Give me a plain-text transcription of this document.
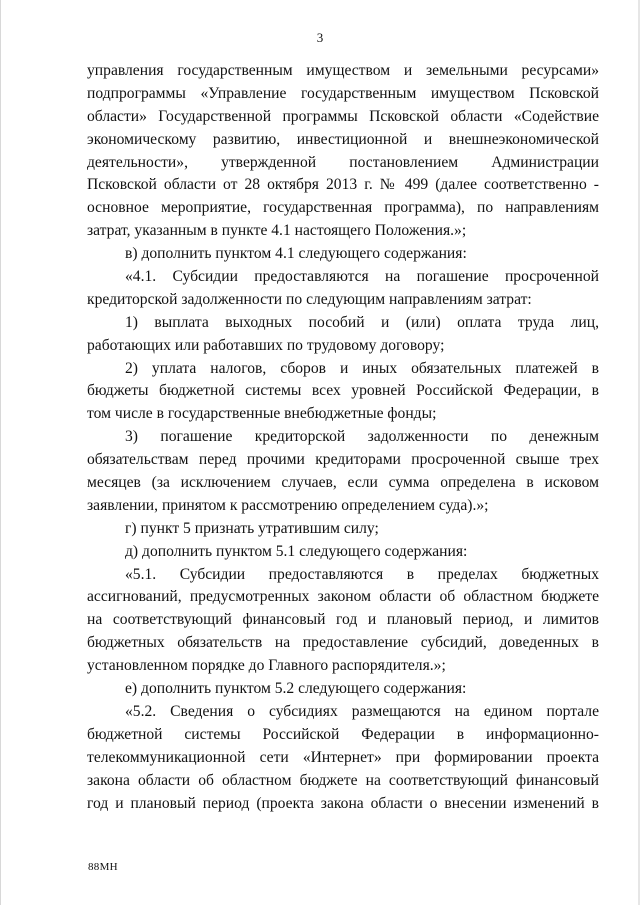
3
управления государственным имуществом и земельными ресурсами»
подпрограммы «Управление государственным имуществом Псковской
области» Государственной программы Псковской области «Содействие
экономическому развитию, инвестиционной и внешнеэкономической
деятельности», утвержденной постановлением Администрации
Псковской области от 28 октября 2013 г. № 499 (далее соответственно -
основное мероприятие, государственная программа), по направлениям
затрат, указанным в пункте 4.1 настоящего Положения.»;
в) дополнить пунктом 4.1 следующего содержания:
«4.1. Субсидии предоставляются на погашение просроченной
кредиторской задолженности по следующим направлениям затрат:
1) выплата выходных пособий и (или) оплата труда лиц,
работающих или работавших по трудовому договору;
2) уплата налогов, сборов и иных обязательных платежей в
бюджеты бюджетной системы всех уровней Российской Федерации, в
том числе в государственные внебюджетные фонды;
3) погашение кредиторской задолженности по денежным
обязательствам перед прочими кредиторами просроченной свыше трех
месяцев (за исключением случаев, если сумма определена в исковом
заявлении, принятом к рассмотрению определением суда).»;
г) пункт 5 признать утратившим силу;
д) дополнить пунктом 5.1 следующего содержания:
«5.1. Субсидии предоставляются в пределах бюджетных
ассигнований, предусмотренных законом области об областном бюджете
на соответствующий финансовый год и плановый период, и лимитов
бюджетных обязательств на предоставление субсидий, доведенных в
установленном порядке до Главного распорядителя.»;
е) дополнить пунктом 5.2 следующего содержания:
«5.2. Сведения о субсидиях размещаются на едином портале
бюджетной системы Российской Федерации в информационно-
телекоммуникационной сети «Интернет» при формировании проекта
закона области об областном бюджете на соответствующий финансовый
год и плановый период (проекта закона области о внесении изменений в
88МН
